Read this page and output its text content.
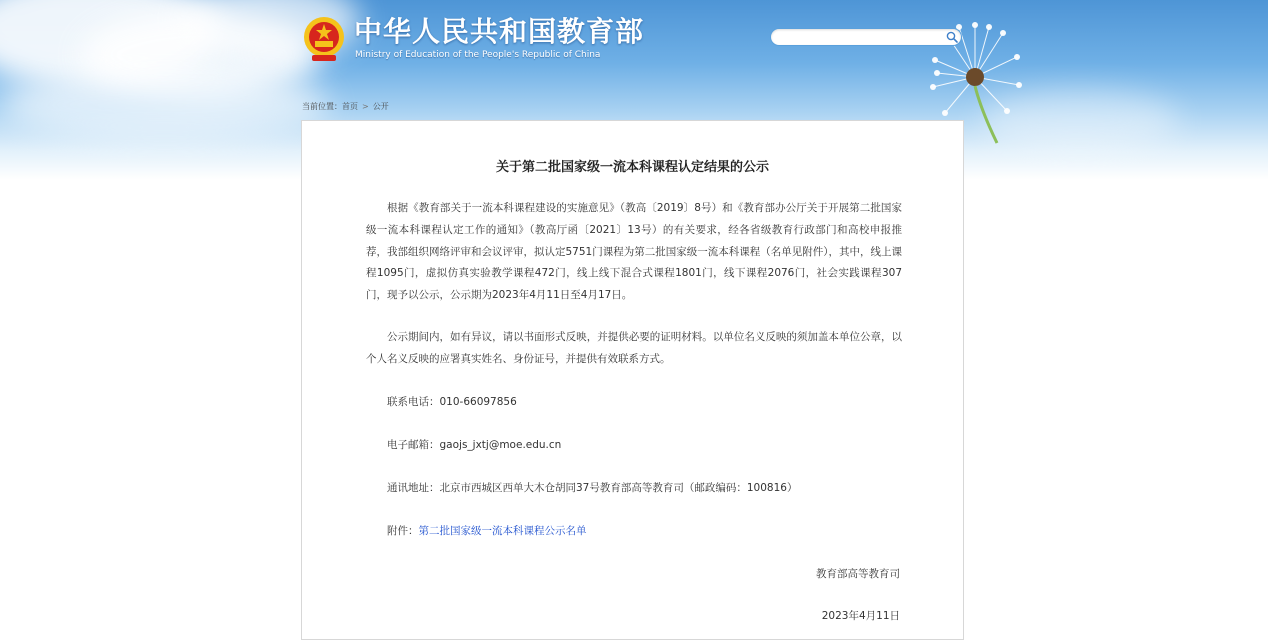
中华人民共和国教育部
Ministry of Education of the People's Republic of China
当前位置：首页 > 公开
关于第二批国家级一流本科课程认定结果的公示

根据《教育部关于一流本科课程建设的实施意见》（教高〔2019〕8号）和《教育部办公厅关于开展第二批国家级一流本科课程认定工作的通知》（教高厅函〔2021〕13号）的有关要求，经各省级教育行政部门和高校申报推荐，我部组织网络评审和会议评审，拟认定5751门课程为第二批国家级一流本科课程（名单见附件），其中，线上课程1095门，虚拟仿真实验教学课程472门，线上线下混合式课程1801门，线下课程2076门，社会实践课程307门，现予以公示，公示期为2023年4月11日至4月17日。

公示期间内，如有异议，请以书面形式反映，并提供必要的证明材料。以单位名义反映的须加盖本单位公章，以个人名义反映的应署真实姓名、身份证号，并提供有效联系方式。

联系电话：010-66097856
电子邮箱：gaojs_jxtj@moe.edu.cn
通讯地址：北京市西城区西单大木仓胡同37号教育部高等教育司（邮政编码：100816）
附件：第二批国家级一流本科课程公示名单
教育部高等教育司
2023年4月11日
